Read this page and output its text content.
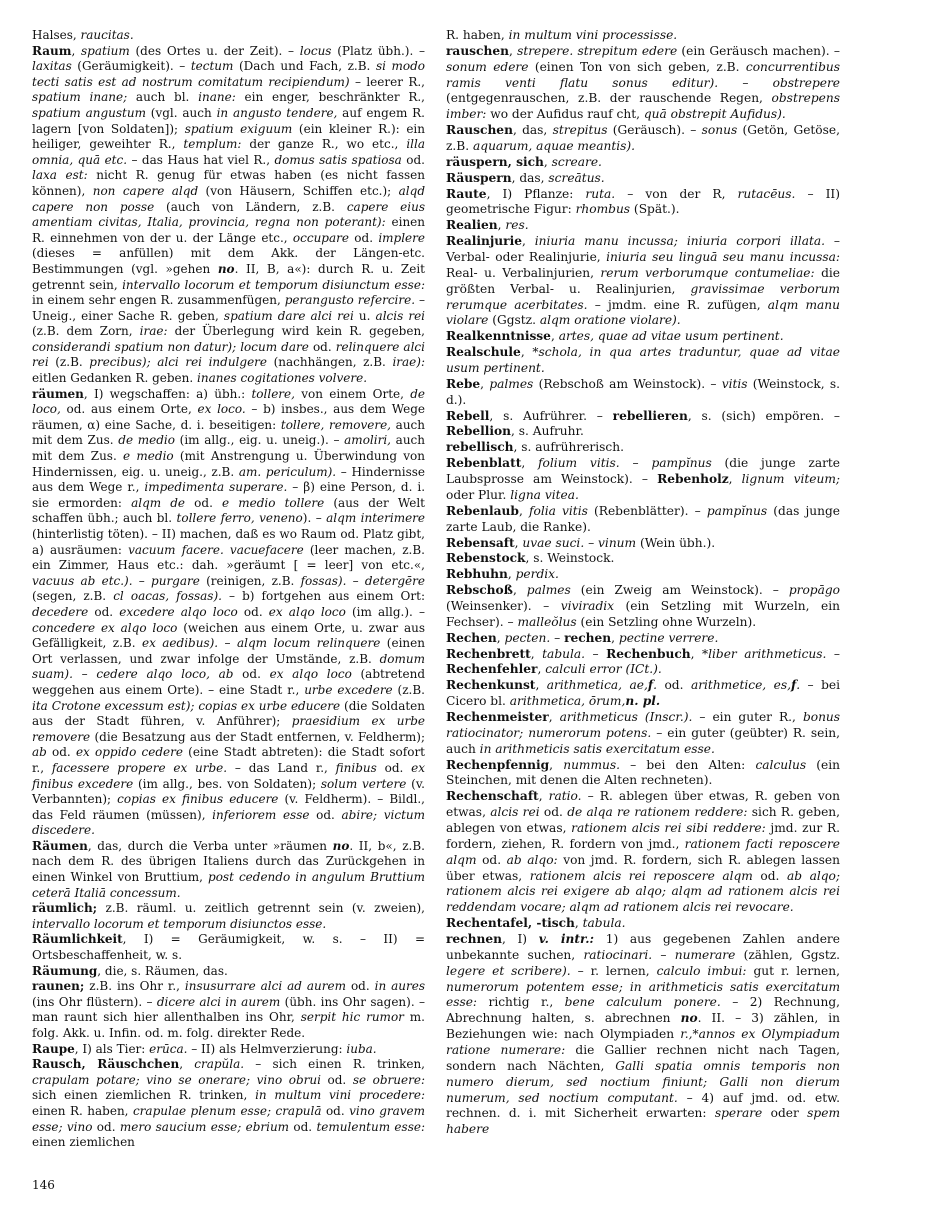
Halses, raucitas.

Raum, spatium (des Ortes u. der Zeit). – locus (Platz übh.). – laxitas (Geräumigkeit). – tectum (Dach und Fach, z.B. si modo tecti satis est ad nostrum comitatum recipiendum) – leerer R., spatium inane; auch bl. inane: ein enger, beschränkter R., spatium angustum (vgl. auch in angusto tendere, auf engem R. lagern [von Soldaten]); spatium exiguum (ein kleiner R.): ein heiliger, geweihter R., templum: der ganze R., wo etc., illa omnia, quā etc. – das Haus hat viel R., domus satis spatiosa od. laxa est: nicht R. genug für etwas haben (es nicht fassen können), non capere alqd (von Häusern, Schiffen etc.); alqd capere non posse (auch von Ländern, z.B. capere eius amentiam civitas, Italia, provincia, regna non poterant): einen R. einnehmen von der u. der Länge etc., occupare od. implere (dieses = anfüllen) mit dem Akk. der Längen-etc. Bestimmungen (vgl. »gehen no. II, B, a«): durch R. u. Zeit getrennt sein, intervallo locorum et temporum disiunctum esse: in einem sehr engen R. zusammenfügen, perangusto refercire. – Uneig., einer Sache R. geben, spatium dare alci rei u. alcis rei (z.B. dem Zorn, irae: der Überlegung wird kein R. gegeben, considerandi spatium non datur); locum dare od. relinquere alci rei (z.B. precibus); alci rei indulgere (nachhängen, z.B. irae): eitlen Gedanken R. geben. inanes cogitationes volvere.

räumen, I) wegschaffen: a) übh.: tollere, von einem Orte, de loco, od. aus einem Orte, ex loco. – b) insbes., aus dem Wege räumen, α) eine Sache, d. i. beseitigen: tollere, removere, auch mit dem Zus. de medio (im allg., eig. u. uneig.). – amoliri, auch mit dem Zus. e medio (mit Anstrengung u. Überwindung von Hindernissen, eig. u. uneig., z.B. am. periculum). – Hindernisse aus dem Wege r., impedimenta superare. – β) eine Person, d. i. sie ermorden: alqm de od. e medio tollere (aus der Welt schaffen übh.; auch bl. tollere ferro, veneno). – alqm interimere (hinterlistig töten). – II) machen, daß es wo Raum od. Platz gibt, a) ausräumen: vacuum facere. vacuefacere (leer machen, z.B. ein Zimmer, Haus etc.: dah. »geräumt [ = leer] von etc.«, vacuus ab etc.). – purgare (reinigen, z.B. fossas). – detergēre (segen, z.B. cl oacas, fossas). – b) fortgehen aus einem Ort: decedere od. excedere alqo loco od. ex alqo loco (im allg.). – concedere ex alqo loco (weichen aus einem Orte, u. zwar aus Gefälligkeit, z.B. ex aedibus). – alqm locum relinquere (einen Ort verlassen, und zwar infolge der Umstände, z.B. domum suam). – cedere alqo loco, ab od. ex alqo loco (abtretend weggehen aus einem Orte). – eine Stadt r., urbe excedere (z.B. ita Crotone excessum est); copias ex urbe educere (die Soldaten aus der Stadt führen, v. Anführer); praesidium ex urbe removere (die Besatzung aus der Stadt entfernen, v. Feldherm); ab od. ex oppido cedere (eine Stadt abtreten): die Stadt sofort r., facessere propere ex urbe. – das Land r., finibus od. ex finibus excedere (im allg., bes. von Soldaten); solum vertere (v. Verbannten); copias ex finibus educere (v. Feldherm). – Bildl., das Feld räumen (müssen), inferiorem esse od. abire; victum discedere.

Räumen, das, durch die Verba unter »räumen no. II, b«, z.B. nach dem R. des übrigen Italiens durch das Zurückgehen in einen Winkel von Bruttium, post cedendo in angulum Bruttium ceterā Italiā concessum.

räumlich; z.B. räuml. u. zeitlich getrennt sein (v. zweien), intervallo locorum et temporum disiunctos esse.

Räumlichkeit, I) = Geräumigkeit, w. s. – II) = Ortsbeschaffenheit, w. s.

Räumung, die, s. Räumen, das.

raunen; z.B. ins Ohr r., insusurrare alci ad aurem od. in aures (ins Ohr flüstern). – dicere alci in aurem (übh. ins Ohr sagen). – man raunt sich hier allenthalben ins Ohr, serpit hic rumor m. folg. Akk. u. Infin. od. m. folg. direkter Rede.

Raupe, I) als Tier: erūca. – II) als Helmverzierung: iuba.

Rausch, Räuschchen, crapŭla. – sich einen R. trinken, crapulam potare; vino se onerare; vino obrui od. se obruere: sich einen ziemlichen R. trinken, in multum vini procedere: einen R. haben, crapulae plenum esse; crapulā od. vino gravem esse; vino od. mero saucium esse; ebrium od. temulentum esse: einen ziemlichen

R. haben, in multum vini processisse.

rauschen, strepere. strepitum edere (ein Geräusch machen). – sonum edere (einen Ton von sich geben, z.B. concurrentibus ramis venti flatu sonus editur). – obstrepere (entgegenrauschen, z.B. der rauschende Regen, obstrepens imber: wo der Aufidus rauf cht, quā obstrepit Aufidus).

Rauschen, das, strepitus (Geräusch). – sonus (Getön, Getöse, z.B. aquarum, aquae meantis).

räuspern, sich, screare.

Räuspern, das, screātus.

Raute, I) Pflanze: ruta. – von der R, rutacēus. – II) geometrische Figur: rhombus (Spät.).

Realien, res.

Realinjurie, iniuria manu incussa; iniuria corpori illata. – Verbal- oder Realinjurie, iniuria seu linguā seu manu incussa: Real- u. Verbalinjurien, rerum verborumque contumeliae: die größten Verbal- u. Realinjurien, gravissimae verborum rerumque acerbitates. – jmdm. eine R. zufügen, alqm manu violare (Ggstz. alqm oratione violare).

Realkenntnisse, artes, quae ad vitae usum pertinent.

Realschule, *schola, in qua artes traduntur, quae ad vitae usum pertinent.

Rebe, palmes (Rebschoß am Weinstock). – vitis (Weinstock, s. d.).

Rebell, s. Aufrührer. – rebellieren, s. (sich) empören. – Rebellion, s. Aufruhr.

rebellisch, s. aufrührerisch.

Rebenblatt, folium vitis. – pampĭnus (die junge zarte Laubsprosse am Weinstock). – Rebenholz, lignum viteum; oder Plur. ligna vitea.

Rebenlaub, folia vitis (Rebenblätter). – pampĭnus (das junge zarte Laub, die Ranke).

Rebensaft, uvae suci. – vinum (Wein übh.).

Rebenstock, s. Weinstock.

Rebhuhn, perdix.

Rebschoß, palmes (ein Zweig am Weinstock). – propāgo (Weinsenker). – viviradix (ein Setzling mit Wurzeln, ein Fechser). – malleŏlus (ein Setzling ohne Wurzeln).

Rechen, pecten. – rechen, pectine verrere.

Rechenbrett, tabula. – Rechenbuch, *liber arithmeticus. – Rechenfehler, calculi error (ICt.).

Rechenkunst, arithmetica, ae,f. od. arithmetice, es,f. – bei Cicero bl. arithmetica, ōrum,n. pl.

Rechenmeister, arithmeticus (Inscr.). – ein guter R., bonus ratiocinator; numerorum potens. – ein guter (geübter) R. sein, auch in arithmeticis satis exercitatum esse.

Rechenpfennig, nummus. – bei den Alten: calculus (ein Steinchen, mit denen die Alten rechneten).

Rechenschaft, ratio. – R. ablegen über etwas, R. geben von etwas, alcis rei od. de alqa re rationem reddere: sich R. geben, ablegen von etwas, rationem alcis rei sibi reddere: jmd. zur R. fordern, ziehen, R. fordern von jmd., rationem facti reposcere alqm od. ab alqo: von jmd. R. fordern, sich R. ablegen lassen über etwas, rationem alcis rei reposcere alqm od. ab alqo; rationem alcis rei exigere ab alqo; alqm ad rationem alcis rei reddendam vocare; alqm ad rationem alcis rei revocare.

Rechentafel, -tisch, tabula.

rechnen, I) v. intr.: 1) aus gegebenen Zahlen andere unbekannte suchen, ratiocinari. – numerare (zählen, Ggstz. legere et scribere). – r. lernen, calculo imbui: gut r. lernen, numerorum potentem esse; in arithmeticis satis exercitatum esse: richtig r., bene calculum ponere. – 2) Rechnung, Abrechnung halten, s. abrechnen no. II. – 3) zählen, in Beziehungen wie: nach Olympiaden r.,*annos ex Olympiadum ratione numerare: die Gallier rechnen nicht nach Tagen, sondern nach Nächten, Galli spatia omnis temporis non numero dierum, sed noctium finiunt; Galli non dierum numerum, sed noctium computant. – 4) auf jmd. od. etw. rechnen. d. i. mit Sicherheit erwarten: sperare oder spem habere

146
